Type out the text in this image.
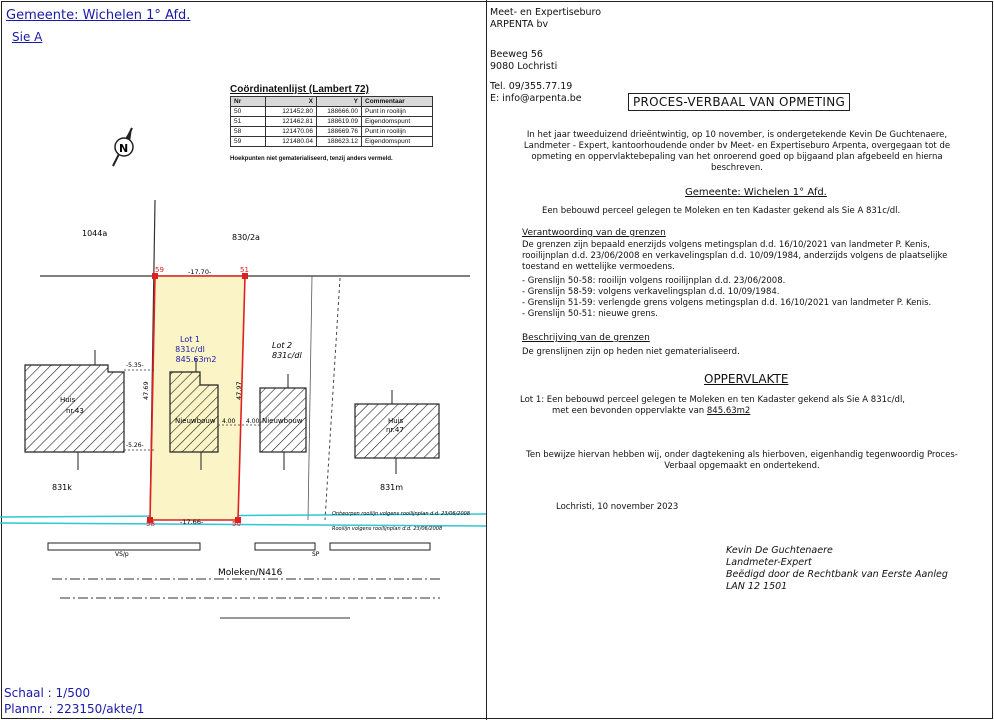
Gemeente: Wichelen 1° Afd.
Sie A
Coördinatenlijst (Lambert 72)
Nr	X	Y	Commentaar
50	121452.80	188666.00	Punt in rooilijn
51	121462.81	188619.09	Eigendomspunt
58	121470.06	188669.76	Punt in rooilijn
59	121480.04	188623.12	Eigendomspunt
Hoekpunten niet gematerialiseerd, tenzij anders vermeld.
N
1044a	830/2a
831k	831m
Lot 1
831c/dl
845.63m2
Lot 2
831c/dl
Huis
nr.43
Huis
nr.47
Nieuwbouw	Nieuwbouw
59	51
58	50
-17.70-
-17.66-
47.69	47.97
-5.35-
-5.26-
4.00 4.00
Ontworpen rooilijn volgens rooilijnplan d.d. 23/06/2008
Rooilijn volgens rooilijnplan d.d. 23/06/2008
VS/p	SP
Moleken/N416
Schaal : 1/500
Plannr. : 223150/akte/1
Meet- en Expertiseburo
ARPENTA bv
Beeweg 56
9080 Lochristi
Tel. 09/355.77.19
E: info@arpenta.be	PROCES-VERBAAL VAN OPMETING
In het jaar tweeduizend drieëntwintig, op 10 november, is ondergetekende Kevin De Guchtenaere, Landmeter - Expert, kantoorhoudende onder bv Meet- en Expertiseburo Arpenta, overgegaan tot de opmeting en oppervlaktebepaling van het onroerend goed op bijgaand plan afgebeeld en hierna beschreven.
Gemeente: Wichelen 1° Afd.
Een bebouwd perceel gelegen te Moleken en ten Kadaster gekend als Sie A 831c/dl.
Verantwoording van de grenzen
De grenzen zijn bepaald enerzijds volgens metingsplan d.d. 16/10/2021 van landmeter P. Kenis, rooilijnplan d.d. 23/06/2008 en verkavelingsplan d.d. 10/09/1984, anderzijds volgens de plaatselijke toestand en wettelijke vermoedens.
- Grenslijn 50-58: rooilijn volgens rooilijnplan d.d. 23/06/2008.
- Grenslijn 58-59: volgens verkavelingsplan d.d. 10/09/1984.
- Grenslijn 51-59: verlengde grens volgens metingsplan d.d. 16/10/2021 van landmeter P. Kenis.
- Grenslijn 50-51: nieuwe grens.
Beschrijving van de grenzen
De grenslijnen zijn op heden niet gematerialiseerd.
OPPERVLAKTE
Lot 1: Een bebouwd perceel gelegen te Moleken en ten Kadaster gekend als Sie A 831c/dl,
met een bevonden oppervlakte van 845.63m2
Ten bewijze hiervan hebben wij, onder dagtekening als hierboven, eigenhandig tegenwoordig Proces-Verbaal opgemaakt en ondertekend.
Lochristi, 10 november 2023
Kevin De Guchtenaere
Landmeter-Expert
Beëdigd door de Rechtbank van Eerste Aanleg
LAN 12 1501
